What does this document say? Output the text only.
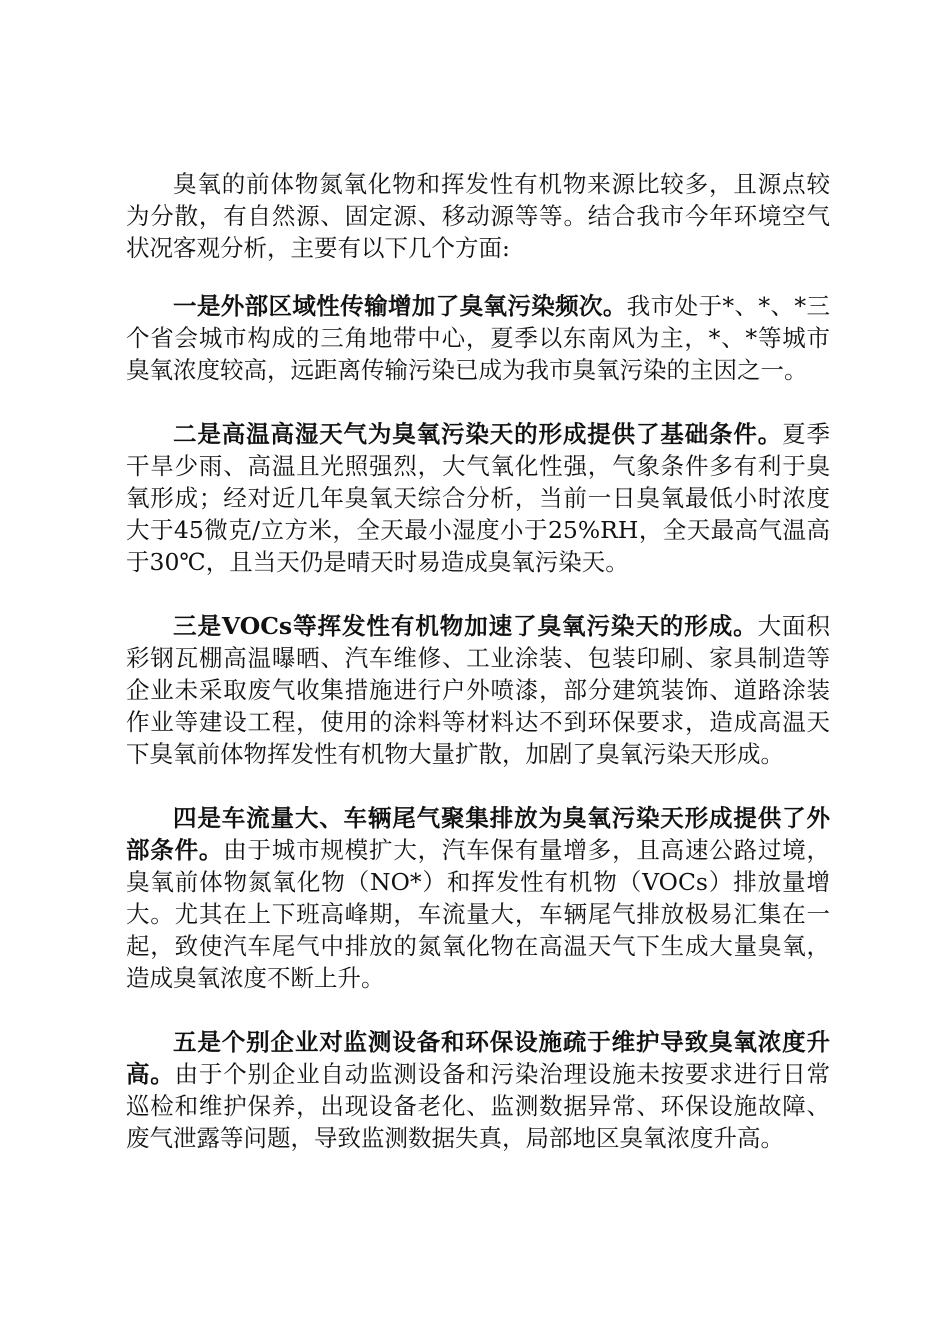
臭氧的前体物氮氧化物和挥发性有机物来源比较多，且源点较为分散，有自然源、固定源、移动源等等。结合我市今年环境空气状况客观分析，主要有以下几个方面:

一是外部区域性传输增加了臭氧污染频次。我市处于*、*、*三个省会城市构成的三角地带中心，夏季以东南风为主，*、*等城市臭氧浓度较高，远距离传输污染已成为我市臭氧污染的主因之一。

二是高温高湿天气为臭氧污染天的形成提供了基础条件。夏季干旱少雨、高温且光照强烈，大气氧化性强，气象条件多有利于臭氧形成；经对近几年臭氧天综合分析，当前一日臭氧最低小时浓度大于45微克/立方米，全天最小湿度小于25%RH，全天最高气温高于30℃，且当天仍是晴天时易造成臭氧污染天。

三是VOCs等挥发性有机物加速了臭氧污染天的形成。大面积彩钢瓦棚高温曝晒、汽车维修、工业涂装、包装印刷、家具制造等企业未采取废气收集措施进行户外喷漆，部分建筑装饰、道路涂装作业等建设工程，使用的涂料等材料达不到环保要求，造成高温天下臭氧前体物挥发性有机物大量扩散，加剧了臭氧污染天形成。

四是车流量大、车辆尾气聚集排放为臭氧污染天形成提供了外部条件。由于城市规模扩大，汽车保有量增多，且高速公路过境，臭氧前体物氮氧化物（NO*）和挥发性有机物（VOCs）排放量增大。尤其在上下班高峰期，车流量大，车辆尾气排放极易汇集在一起，致使汽车尾气中排放的氮氧化物在高温天气下生成大量臭氧，造成臭氧浓度不断上升。

五是个别企业对监测设备和环保设施疏于维护导致臭氧浓度升高。由于个别企业自动监测设备和污染治理设施未按要求进行日常巡检和维护保养，出现设备老化、监测数据异常、环保设施故障、废气泄露等问题，导致监测数据失真，局部地区臭氧浓度升高。
